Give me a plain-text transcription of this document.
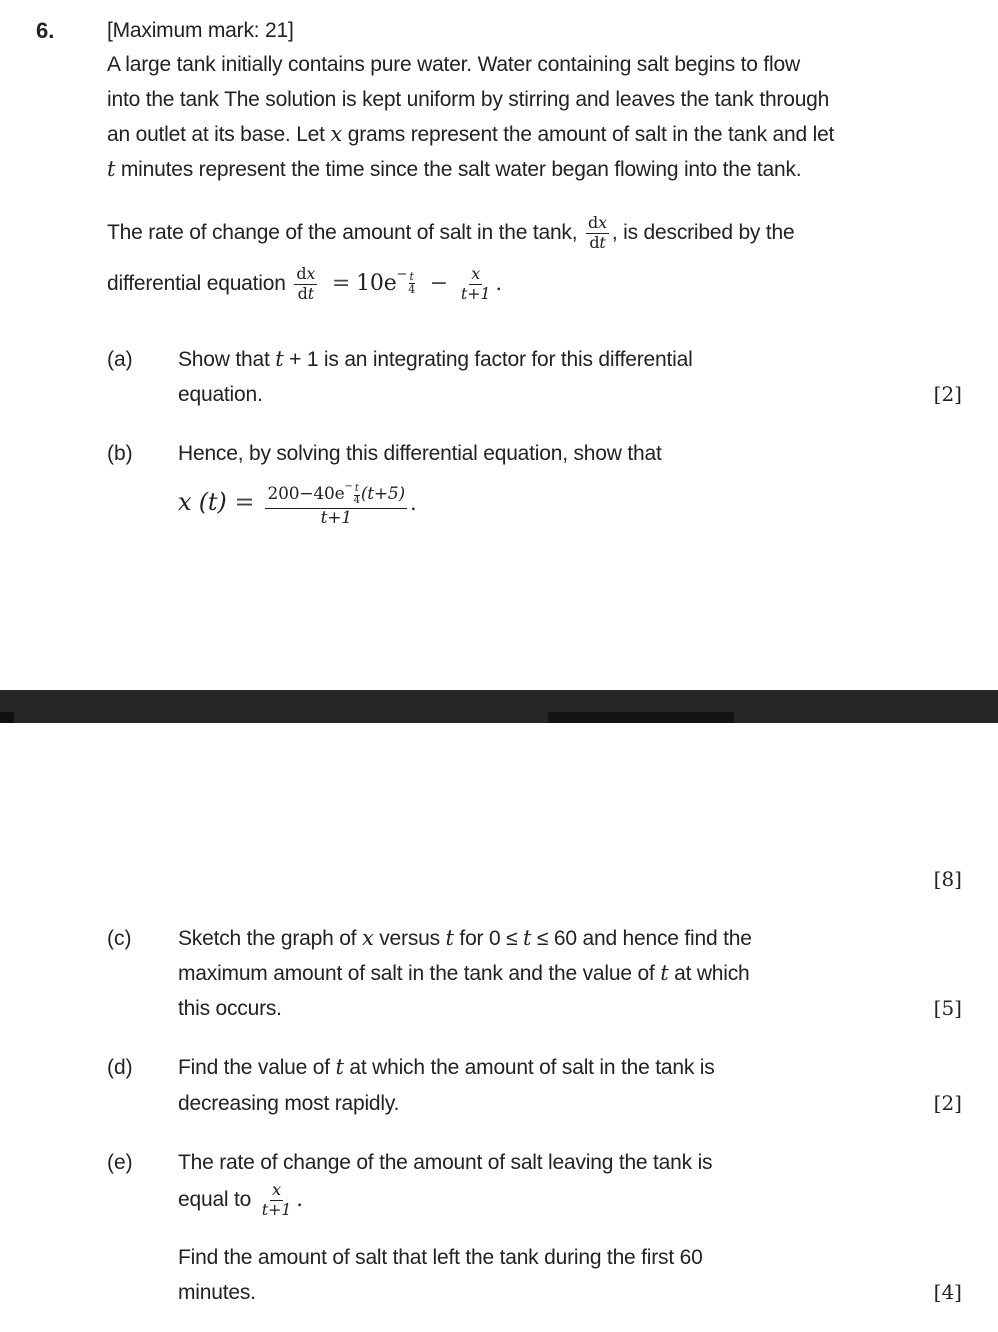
6.	[Maximum mark: 21]
A large tank initially contains pure water. Water containing salt begins to flow
into the tank The solution is kept uniform by stirring and leaves the tank through
an outlet at its base. Let x grams represent the amount of salt in the tank and let
t minutes represent the time since the salt water began flowing into the tank.
The rate of change of the amount of salt in the tank, $\frac{dx}{dt}$ , is described by the
differential equation $\frac{dx}{dt} = 10e^- \frac{t}{4} - \frac{x}{t+1}$ .
(a) Show that t + 1 is an integrating factor for this differential
equation.	[2]
(b) Hence, by solving this differential equation, show that
x $(t) = \frac{200-40e^- \frac{t}{4} (t+5)}{t+1}$ .
[8]
(c) Sketch the graph of x versus t for 0 ≤ t ≤ 60 and hence find the
maximum amount of salt in the tank and the value of t at which
this occurs.	[5]
(d) Find the value of t at which the amount of salt in the tank is
decreasing most rapidly.	[2]
(e) The rate of change of the amount of salt leaving the tank is
equal to $\frac{x}{t+1}$ .
Find the amount of salt that left the tank during the first 60
minutes.	[4]
